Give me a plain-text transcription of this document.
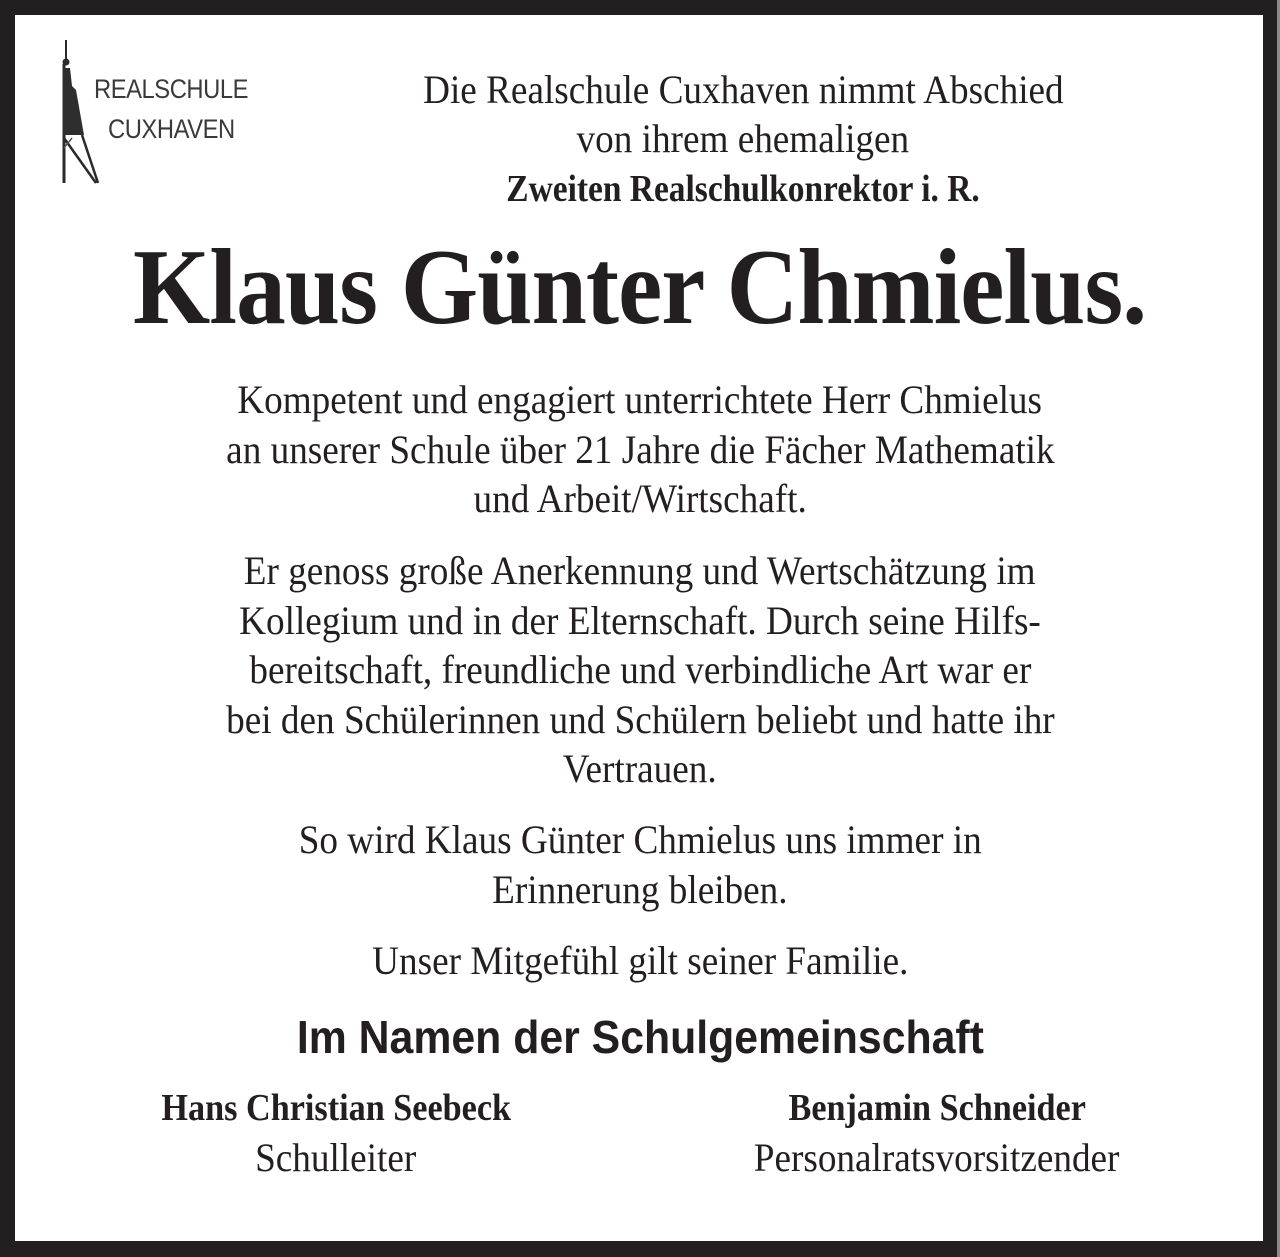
REALSCHULE
CUXHAVEN
Die Realschule Cuxhaven nimmt Abschied
von ihrem ehemaligen
Zweiten Realschulkonrektor i. R.
Klaus Günter Chmielus.
Kompetent und engagiert unterrichtete Herr Chmielus
an unserer Schule über 21 Jahre die Fächer Mathematik
und Arbeit/Wirtschaft.
Er genoss große Anerkennung und Wertschätzung im
Kollegium und in der Elternschaft. Durch seine Hilfs-
bereitschaft, freundliche und verbindliche Art war er
bei den Schülerinnen und Schülern beliebt und hatte ihr
Vertrauen.
So wird Klaus Günter Chmielus uns immer in
Erinnerung bleiben.
Unser Mitgefühl gilt seiner Familie.
Im Namen der Schulgemeinschaft
Hans Christian Seebeck
Schulleiter
Benjamin Schneider
Personalratsvorsitzender
